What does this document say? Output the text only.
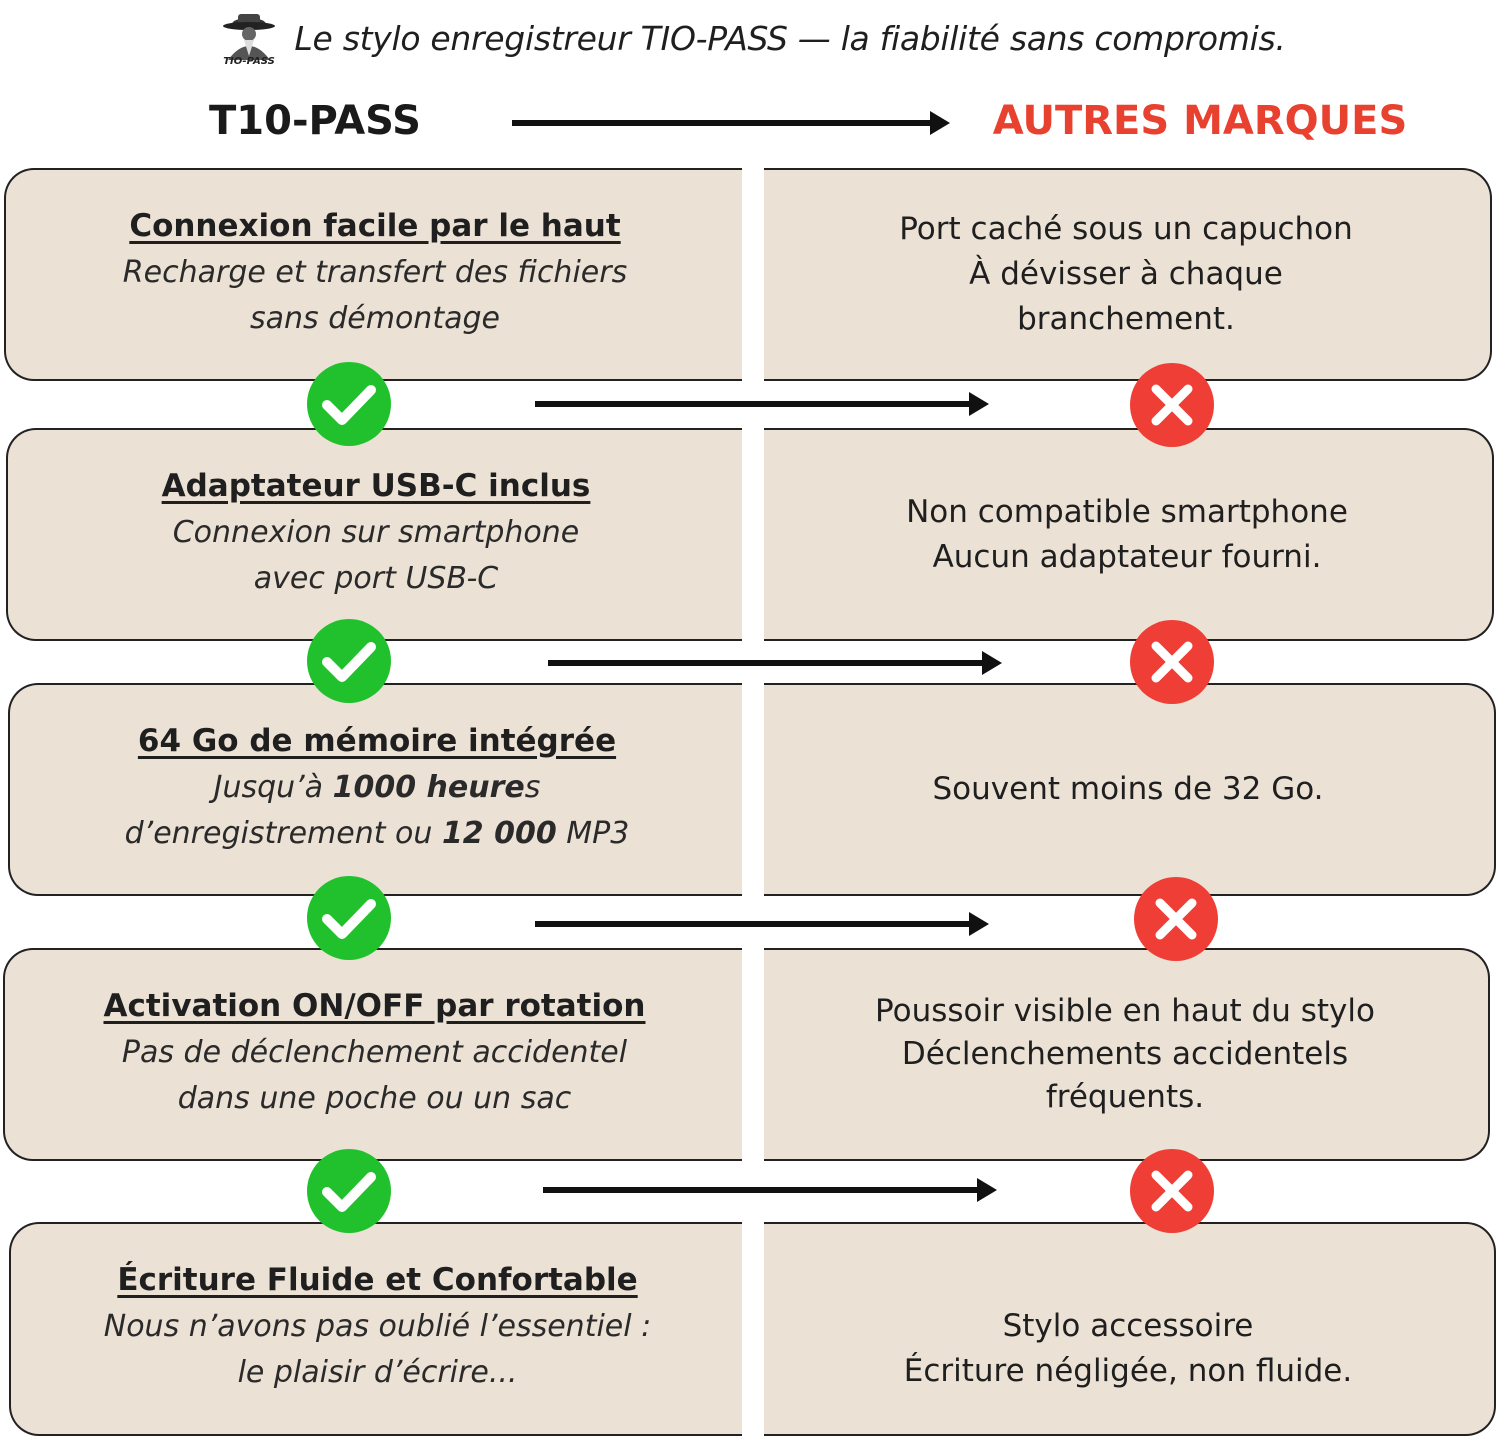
TIO-PASS
Le stylo enregistreur TIO-PASS — la fiabilité sans compromis.
T10-PASS	AUTRES MARQUES
Connexion facile par le haut
Recharge et transfert des fichiers
sans démontage
Port caché sous un capuchon
À dévisser à chaque
branchement.
Adaptateur USB-C inclus
Connexion sur smartphone
avec port USB-C
Non compatible smartphone
Aucun adaptateur fourni.
64 Go de mémoire intégrée
Jusqu’à 1000 heures
d’enregistrement ou 12 000 MP3
Souvent moins de 32 Go.
Activation ON/OFF par rotation
Pas de déclenchement accidentel
dans une poche ou un sac
Poussoir visible en haut du stylo
Déclenchements accidentels
fréquents.
Écriture Fluide et Confortable
Nous n’avons pas oublié l’essentiel :
le plaisir d’écrire...
Stylo accessoire
Écriture négligée, non fluide.
